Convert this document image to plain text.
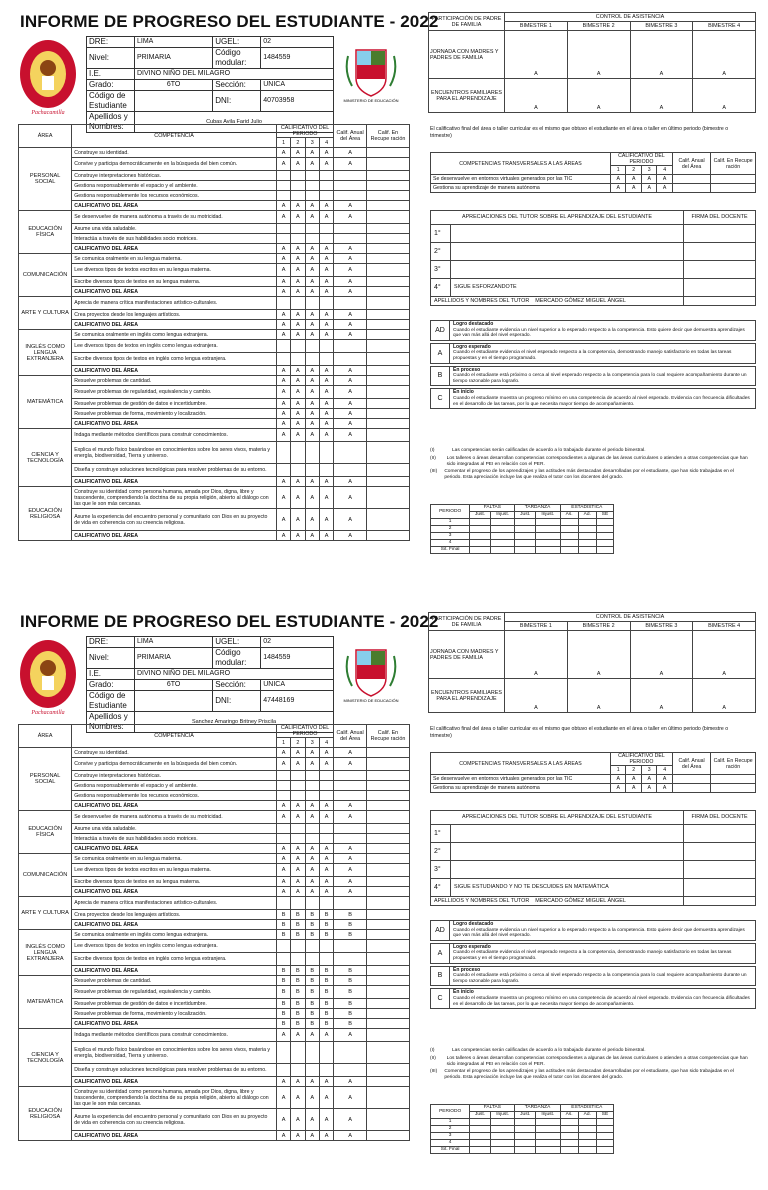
INFORME DE PROGRESO DEL ESTUDIANTE - 2022
Pachacamilla
DRE:	LIMA	UGEL:	02
Nivel:	PRIMARIA	Código modular:	1484559
I.E.	DIVINO NIÑO DEL MILAGRO		
Grado:	6TO	Sección:	UNICA
Código de Estudiante		DNI:	40703958
Apellidos y Nombres:	Cubas Avila Farid Julio		
MINISTERIO DE EDUCACIÓN
ÁREA	COMPETENCIA	CALIFICATIVO DEL PERIODO				Calif. Anual del Área	Calif. En Recupe ración
		1	2	3	4		
PERSONAL SOCIAL	Construye su identidad.	A	A	A	A	A	
	Convive y participa democráticamente en la búsqueda del bien común.	A	A	A	A	A	
	Construye interpretaciones históricas.						
	Gestiona responsablemente el espacio y el ambiente.						
	Gestiona responsablemente los recursos económicos.						
	CALIFICATIVO DEL ÁREA	A	A	A	A	A	
EDUCACIÓN FÍSICA	Se desenvuelve de manera autónoma a través de su motricidad.	A	A	A	A	A	
	Asume una vida saludable.						
	Interactúa a través de sus habilidades socio motrices.						
	CALIFICATIVO DEL ÁREA	A	A	A	A	A	
COMUNICACIÓN	Se comunica oralmente en su lengua materna.	A	A	A	A	A	
	Lee diversos tipos de textos escritos en su lengua materna.	A	A	A	A	A	
	Escribe diversos tipos de textos en su lengua materna.	A	A	A	A	A	
	CALIFICATIVO DEL ÁREA	A	A	A	A	A	
ARTE Y CULTURA	Aprecia de manera crítica manifestaciones artístico-culturales.						
	Crea proyectos desde los lenguajes artísticos.	A	A	A	A	A	
	CALIFICATIVO DEL ÁREA	A	A	A	A	A	
INGLÉS COMO LENGUA EXTRANJERA	Se comunica oralmente en inglés como lengua extranjera.	A	A	A	A	A	
	Lee diversos tipos de textos en inglés como lengua extranjera.						
	Escribe diversos tipos de textos en inglés como lengua extranjera.						
	CALIFICATIVO DEL ÁREA	A	A	A	A	A	
MATEMÁTICA	Resuelve problemas de cantidad.	A	A	A	A	A	
	Resuelve problemas de regularidad, equivalencia y cambio.	A	A	A	A	A	
	Resuelve problemas de gestión de datos e incertidumbre.	A	A	A	A	A	
	Resuelve problemas de forma, movimiento y localización.	A	A	A	A	A	
	CALIFICATIVO DEL ÁREA	A	A	A	A	A	
CIENCIA Y TECNOLOGÍA	Indaga mediante métodos científicos para construir conocimientos.	A	A	A	A	A	
	Explica el mundo físico basándose en conocimientos sobre los seres vivos, materia y energía, biodiversidad, Tierra y universo.						
	Diseña y construye soluciones tecnológicas para resolver problemas de su entorno.						
	CALIFICATIVO DEL ÁREA	A	A	A	A	A	
EDUCACIÓN RELIGIOSA	Construye su identidad como persona humana, amada por Dios, digna, libre y trascendente, comprendiendo la doctrina de su propia religión, abierto al diálogo con las que le son más cercanas.	A	A	A	A	A	
	Asume la experiencia del encuentro personal y comunitario con Dios en su proyecto de vida en coherencia con su creencia religiosa.	A	A	A	A	A	
	CALIFICATIVO DEL ÁREA	A	A	A	A	A	
PARTICIPACIÓN DE PADRE DE FAMILIA	CONTROL DE ASISTENCIA			
	BIMESTRE 1	BIMESTRE 2	BIMESTRE 3	BIMESTRE 4
JORNADA CON MADRES Y PADRES DE FAMILIA	A	A	A	A
ENCUENTROS FAMILIARES PARA EL APRENDIZAJE	A	A	A	A
El calificativo final del área o taller curricular es el mismo que obtuvo el estudiante en el área o taller en último periodo (bimestre o trimestre)
COMPETENCIAS TRANSVERSALES A LAS ÁREAS	CALIFICATIVO DEL PERIODO				Calif. Anual del Área	Calif. En Recupe ración
	1	2	3	4		
Se desenvuelve en entornos virtuales generados por las TIC	A	A	A	A		
Gestiona su aprendizaje de manera autónoma	A	A	A	A		
APRECIACIONES DEL TUTOR SOBRE EL APRENDIZAJE DEL ESTUDIANTE		FIRMA DEL DOCENTE
1°		
2°		
3°		
4°	SIGUE ESFORZANDOTE	
APELLIDOS Y NOMBRES DEL TUTOR MERCADO GÓMEZ MIGUEL ÁNGEL		
AD
Logro destacado
Cuando el estudiante evidencia un nivel superior a lo esperado respecto a la competencia. Esto quiere decir que demuestra aprendizajes que van más allá del nivel esperado.
A
Logro esperado
Cuando el estudiante evidencia el nivel esperado respecto a la competencia, demostrando manejo satisfactorio en todas las tareas propuestas y en el tiempo programado.
B
En proceso
Cuando el estudiante está próximo o cerca al nivel esperado respecto a la competencia para lo cual requiere acompañamiento durante un tiempo razonable para lograrlo.
C
En inicio
Cuando el estudiante muestra un progreso mínimo en una competencia de acuerdo al nivel esperado. Evidencia con frecuencia dificultades en el desarrollo de las tareas, por lo que necesita mayor tiempo de acompañamiento.
(I)	Las competencias serán calificadas de acuerdo a lo trabajado durante el periodo bimestral.
(II)	Los talleres o áreas desarrollan competencias correspondientes a algunas de las áreas curriculares o atienden a otras competencias que han sido integradas al PEI en relación con el PER.
(III)	Comentar el progreso de los aprendizajes y las actitudes más destacadas desarrolladas por el estudiante, que han sido trabajadas en el periodo. Esta apreciación incluye las que realiza el tutor con los docentes del grado.
PERIODO	FALTAS		TARDANZA		ESTADISTICA		
	Just.	Injust.	Just.	Injust.	As.	Ad.	SE
1							
2							
3							
4							
Sit. Final							
INFORME DE PROGRESO DEL ESTUDIANTE - 2022
Pachacamilla
DRE:	LIMA	UGEL:	02
Nivel:	PRIMARIA	Código modular:	1484559
I.E.	DIVINO NIÑO DEL MILAGRO		
Grado:	6TO	Sección:	UNICA
Código de Estudiante		DNI:	47448169
Apellidos y Nombres:	Sanchez Amaringo Britney Priscila		
MINISTERIO DE EDUCACIÓN
ÁREA	COMPETENCIA	CALIFICATIVO DEL PERIODO				Calif. Anual del Área	Calif. En Recupe ración
		1	2	3	4		
PERSONAL SOCIAL	Construye su identidad.	A	A	A	A	A	
	Convive y participa democráticamente en la búsqueda del bien común.	A	A	A	A	A	
	Construye interpretaciones históricas.						
	Gestiona responsablemente el espacio y el ambiente.						
	Gestiona responsablemente los recursos económicos.						
	CALIFICATIVO DEL ÁREA	A	A	A	A	A	
EDUCACIÓN FÍSICA	Se desenvuelve de manera autónoma a través de su motricidad.	A	A	A	A	A	
	Asume una vida saludable.						
	Interactúa a través de sus habilidades socio motrices.						
	CALIFICATIVO DEL ÁREA	A	A	A	A	A	
COMUNICACIÓN	Se comunica oralmente en su lengua materna.	A	A	A	A	A	
	Lee diversos tipos de textos escritos en su lengua materna.	A	A	A	A	A	
	Escribe diversos tipos de textos en su lengua materna.	A	A	A	A	A	
	CALIFICATIVO DEL ÁREA	A	A	A	A	A	
ARTE Y CULTURA	Aprecia de manera crítica manifestaciones artístico-culturales.						
	Crea proyectos desde los lenguajes artísticos.	B	B	B	B	B	
	CALIFICATIVO DEL ÁREA	B	B	B	B	B	
INGLÉS COMO LENGUA EXTRANJERA	Se comunica oralmente en inglés como lengua extranjera.	B	B	B	B	B	
	Lee diversos tipos de textos en inglés como lengua extranjera.						
	Escribe diversos tipos de textos en inglés como lengua extranjera.						
	CALIFICATIVO DEL ÁREA	B	B	B	B	B	
MATEMÁTICA	Resuelve problemas de cantidad.	B	B	B	B	B	
	Resuelve problemas de regularidad, equivalencia y cambio.	B	B	B	B	B	
	Resuelve problemas de gestión de datos e incertidumbre.	B	B	B	B	B	
	Resuelve problemas de forma, movimiento y localización.	B	B	B	B	B	
	CALIFICATIVO DEL ÁREA	B	B	B	B	B	
CIENCIA Y TECNOLOGÍA	Indaga mediante métodos científicos para construir conocimientos.	A	A	A	A	A	
	Explica el mundo físico basándose en conocimientos sobre los seres vivos, materia y energía, biodiversidad, Tierra y universo.						
	Diseña y construye soluciones tecnológicas para resolver problemas de su entorno.						
	CALIFICATIVO DEL ÁREA	A	A	A	A	A	
EDUCACIÓN RELIGIOSA	Construye su identidad como persona humana, amada por Dios, digna, libre y trascendente, comprendiendo la doctrina de su propia religión, abierto al diálogo con las que le son más cercanas.	A	A	A	A	A	
	Asume la experiencia del encuentro personal y comunitario con Dios en su proyecto de vida en coherencia con su creencia religiosa.	A	A	A	A	A	
	CALIFICATIVO DEL ÁREA	A	A	A	A	A	
PARTICIPACIÓN DE PADRE DE FAMILIA	CONTROL DE ASISTENCIA			
	BIMESTRE 1	BIMESTRE 2	BIMESTRE 3	BIMESTRE 4
JORNADA CON MADRES Y PADRES DE FAMILIA	A	A	A	A
ENCUENTROS FAMILIARES PARA EL APRENDIZAJE	A	A	A	A
El calificativo final del área o taller curricular es el mismo que obtuvo el estudiante en el área o taller en último periodo (bimestre o trimestre)
COMPETENCIAS TRANSVERSALES A LAS ÁREAS	CALIFICATIVO DEL PERIODO				Calif. Anual del Área	Calif. En Recupe ración
	1	2	3	4		
Se desenvuelve en entornos virtuales generados por las TIC	A	A	A	A		
Gestiona su aprendizaje de manera autónoma	A	A	A	A		
APRECIACIONES DEL TUTOR SOBRE EL APRENDIZAJE DEL ESTUDIANTE		FIRMA DEL DOCENTE
1°		
2°		
3°		
4°	SIGUE ESTUDIANDO Y NO TE DESCUIDES EN MATEMÁTICA	
APELLIDOS Y NOMBRES DEL TUTOR MERCADO GÓMEZ MIGUEL ÁNGEL		
AD
Logro destacado
Cuando el estudiante evidencia un nivel superior a lo esperado respecto a la competencia. Esto quiere decir que demuestra aprendizajes que van más allá del nivel esperado.
A
Logro esperado
Cuando el estudiante evidencia el nivel esperado respecto a la competencia, demostrando manejo satisfactorio en todas las tareas propuestas y en el tiempo programado.
B
En proceso
Cuando el estudiante está próximo o cerca al nivel esperado respecto a la competencia para lo cual requiere acompañamiento durante un tiempo razonable para lograrlo.
C
En inicio
Cuando el estudiante muestra un progreso mínimo en una competencia de acuerdo al nivel esperado. Evidencia con frecuencia dificultades en el desarrollo de las tareas, por lo que necesita mayor tiempo de acompañamiento.
(I)	Las competencias serán calificadas de acuerdo a lo trabajado durante el periodo bimestral.
(II)	Los talleres o áreas desarrollan competencias correspondientes a algunas de las áreas curriculares o atienden a otras competencias que han sido integradas al PEI en relación con el PER.
(III)	Comentar el progreso de los aprendizajes y las actitudes más destacadas desarrolladas por el estudiante, que han sido trabajadas en el periodo. Esta apreciación incluye las que realiza el tutor con los docentes del grado.
PERIODO	FALTAS		TARDANZA		ESTADISTICA		
	Just.	Injust.	Just.	Injust.	As.	Ad.	SE
1							
2							
3							
4							
Sit. Final							
